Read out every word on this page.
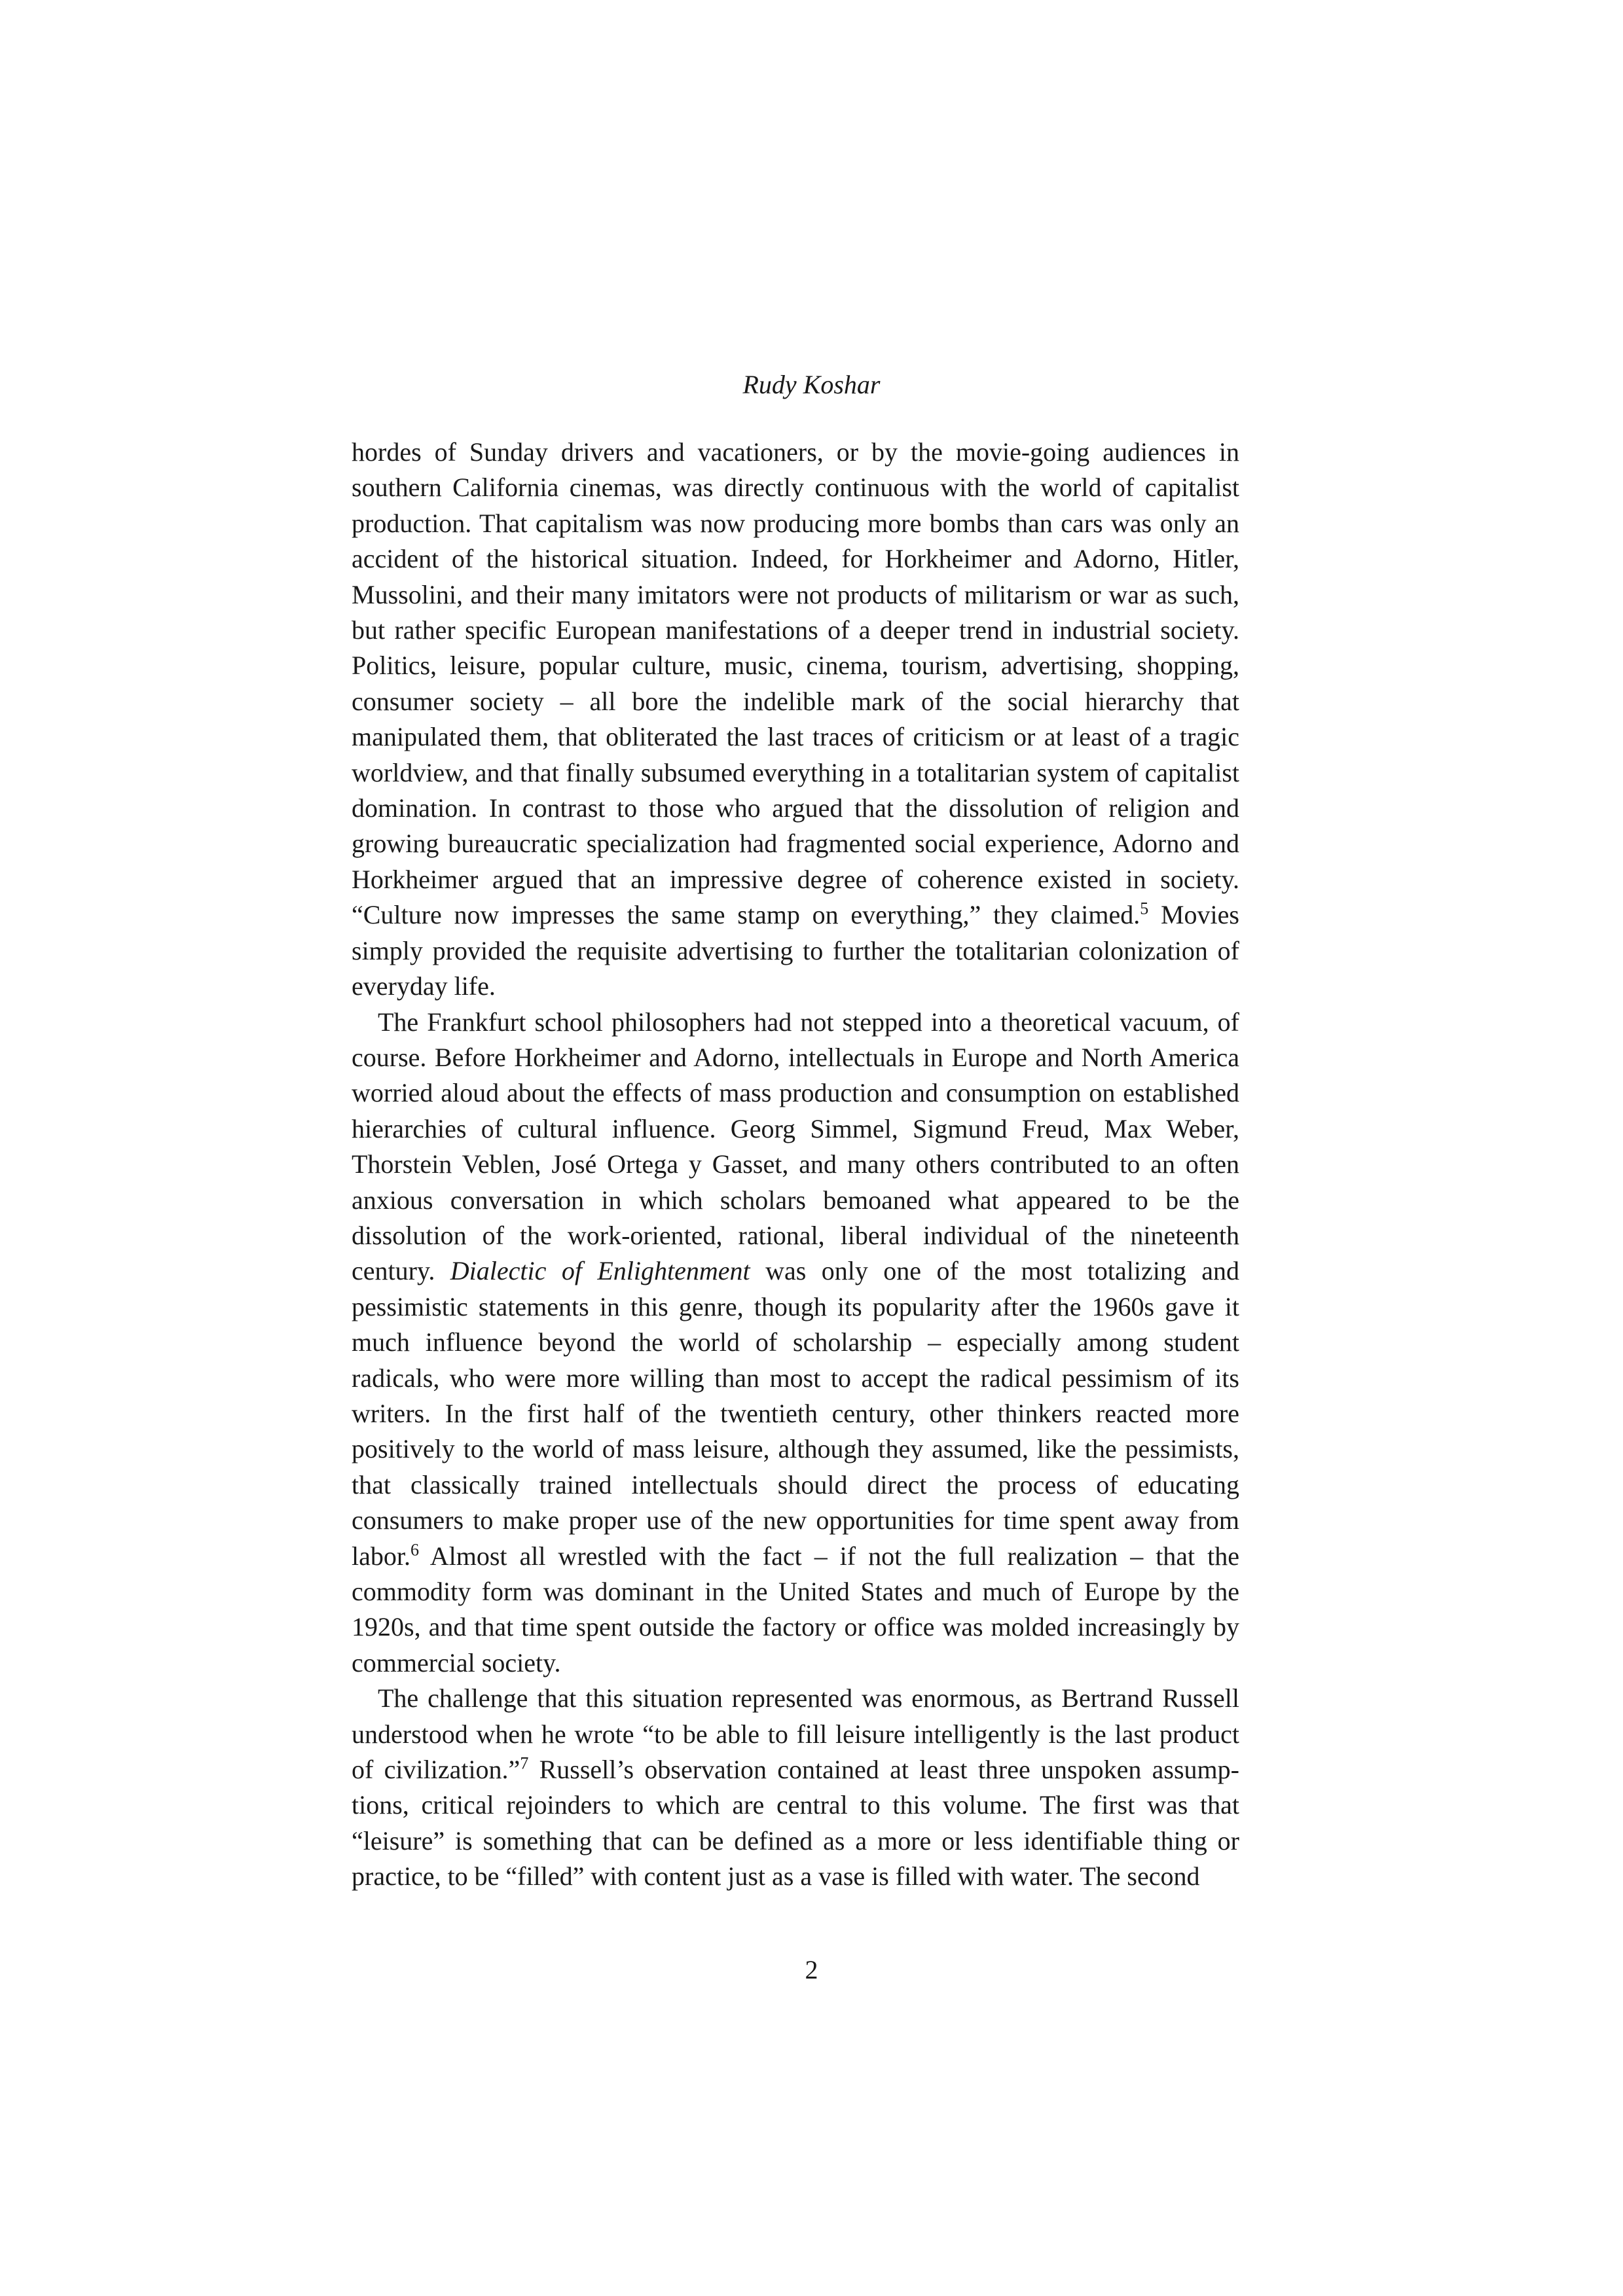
Rudy Koshar

hordes of Sunday drivers and vacationers, or by the movie-going audiences in southern California cinemas, was directly continuous with the world of capitalist production. That capitalism was now producing more bombs than cars was only an accident of the historical situation. Indeed, for Horkheimer and Adorno, Hitler, Mussolini, and their many imitators were not products of militarism or war as such, but rather specific European manifestations of a deeper trend in industrial society. Politics, leisure, popular culture, music, cinema, tourism, advertising, shopping, consumer society – all bore the indelible mark of the social hierarchy that manipulated them, that obliterated the last traces of criticism or at least of a tragic worldview, and that finally subsumed everything in a totalitarian system of capitalist domination. In contrast to those who argued that the dissolution of religion and growing bureaucratic specialization had fragmented social experience, Adorno and Horkheimer argued that an impressive degree of coherence existed in society. “Culture now impresses the same stamp on everything,” they claimed.$^5$ Movies simply provided the requisite advertising to further the totalitarian colonization of everyday life.

The Frankfurt school philosophers had not stepped into a theoretical vacuum, of course. Before Horkheimer and Adorno, intellectuals in Europe and North America worried aloud about the effects of mass production and consumption on established hierarchies of cultural influence. Georg Simmel, Sigmund Freud, Max Weber, Thorstein Veblen, José Ortega y Gasset, and many others contributed to an often anxious conversation in which scholars bemoaned what appeared to be the dissolution of the work-oriented, rational, liberal individual of the nineteenth century. Dialectic of Enlightenment was only one of the most totalizing and pessimistic statements in this genre, though its popularity after the 1960s gave it much influence beyond the world of scholarship – especially among student radicals, who were more willing than most to accept the radical pessimism of its writers. In the first half of the twentieth century, other thinkers reacted more positively to the world of mass leisure, although they assumed, like the pessimists, that classically trained intellectuals should direct the process of educating consumers to make proper use of the new opportunities for time spent away from labor.$^6$ Almost all wrestled with the fact – if not the full realization – that the commodity form was dominant in the United States and much of Europe by the 1920s, and that time spent outside the factory or office was molded increasingly by commercial society.

The challenge that this situation represented was enormous, as Bertrand Russell understood when he wrote “to be able to fill leisure intelligently is the last product of civilization.”$^7$ Russell’s observation contained at least three unspoken assumptions, critical rejoinders to which are central to this volume. The first was that “leisure” is something that can be defined as a more or less identifiable thing or practice, to be “filled” with content just as a vase is filled with water. The second

2
